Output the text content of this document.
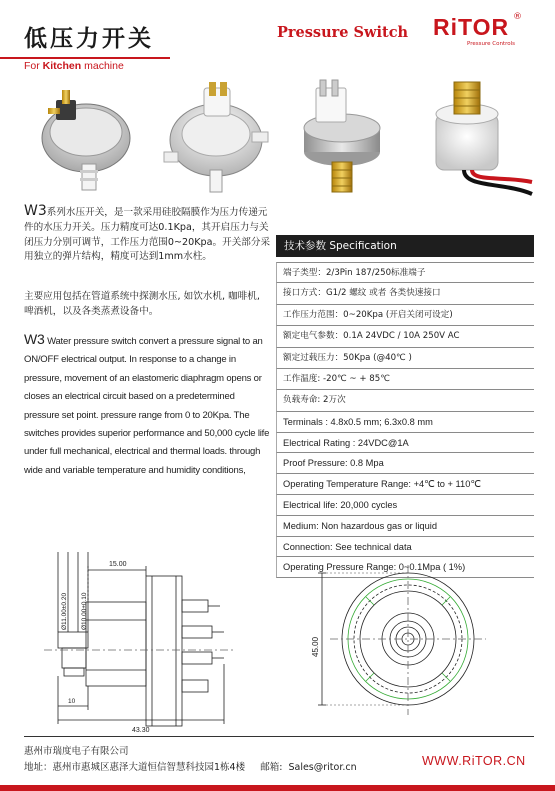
低压力开关
For Kitchen machine
Pressure Switch RiTOR ®
Pressure Controls
W3系列水压开关，是一款采用硅胶隔膜作为压力传递元件的水压力开关。压力精度可达0.1Kpa，其开启压力与关闭压力分别可调节，工作压力范围0~20Kpa。开关部分采用独立的弹片结构，精度可达到1mm水柱。
主要应用包括在管道系统中探测水压, 如饮水机, 咖啡机, 啤酒机，以及各类蒸煮设备中。
W3 Water pressure switch convert a pressure signal to an ON/OFF electrical output. In response to a change in pressure, movement of an elastomeric diaphragm opens or closes an electrical circuit based on a predetermined pressure set point. pressure range from 0 to 20Kpa. The switches provides superior performance and 50,000 cycle life under full mechanical, electrical and thermal loads. through wide and variable temperature and humidity conditions,
技术参数 Specification
端子类型：2/3Pin 187/250标准端子
接口方式：G1/2 螺纹 或者 各类快速接口
工作压力范围：0~20Kpa (开启关闭可设定)
额定电气参数：0.1A 24VDC / 10A 250V AC
额定过载压力：50Kpa (@40℃ )
工作温度: -20℃ ~ + 85℃
负载寿命: 2万次
Terminals : 4.8x0.5 mm; 6.3x0.8 mm
Electrical Rating : 24VDC@1A
Proof Pressure: 0.8 Mpa
Operating Temperature Range: +4℃ to + 110℃
Electrical life: 20,000 cycles
Medium: Non hazardous gas or liquid
Connection: See technical data
Operating Pressure Range: 0~0.1Mpa ( 1%)
15.00
Ø11.00±0.20 Ø10.00±0.10
10
43.30
45.00
惠州市瑞度电子有限公司
地址：惠州市惠城区惠泽大道恒信智慧科技园1栋4楼 邮箱: Sales@ritor.cn	WWW.RiTOR.CN
